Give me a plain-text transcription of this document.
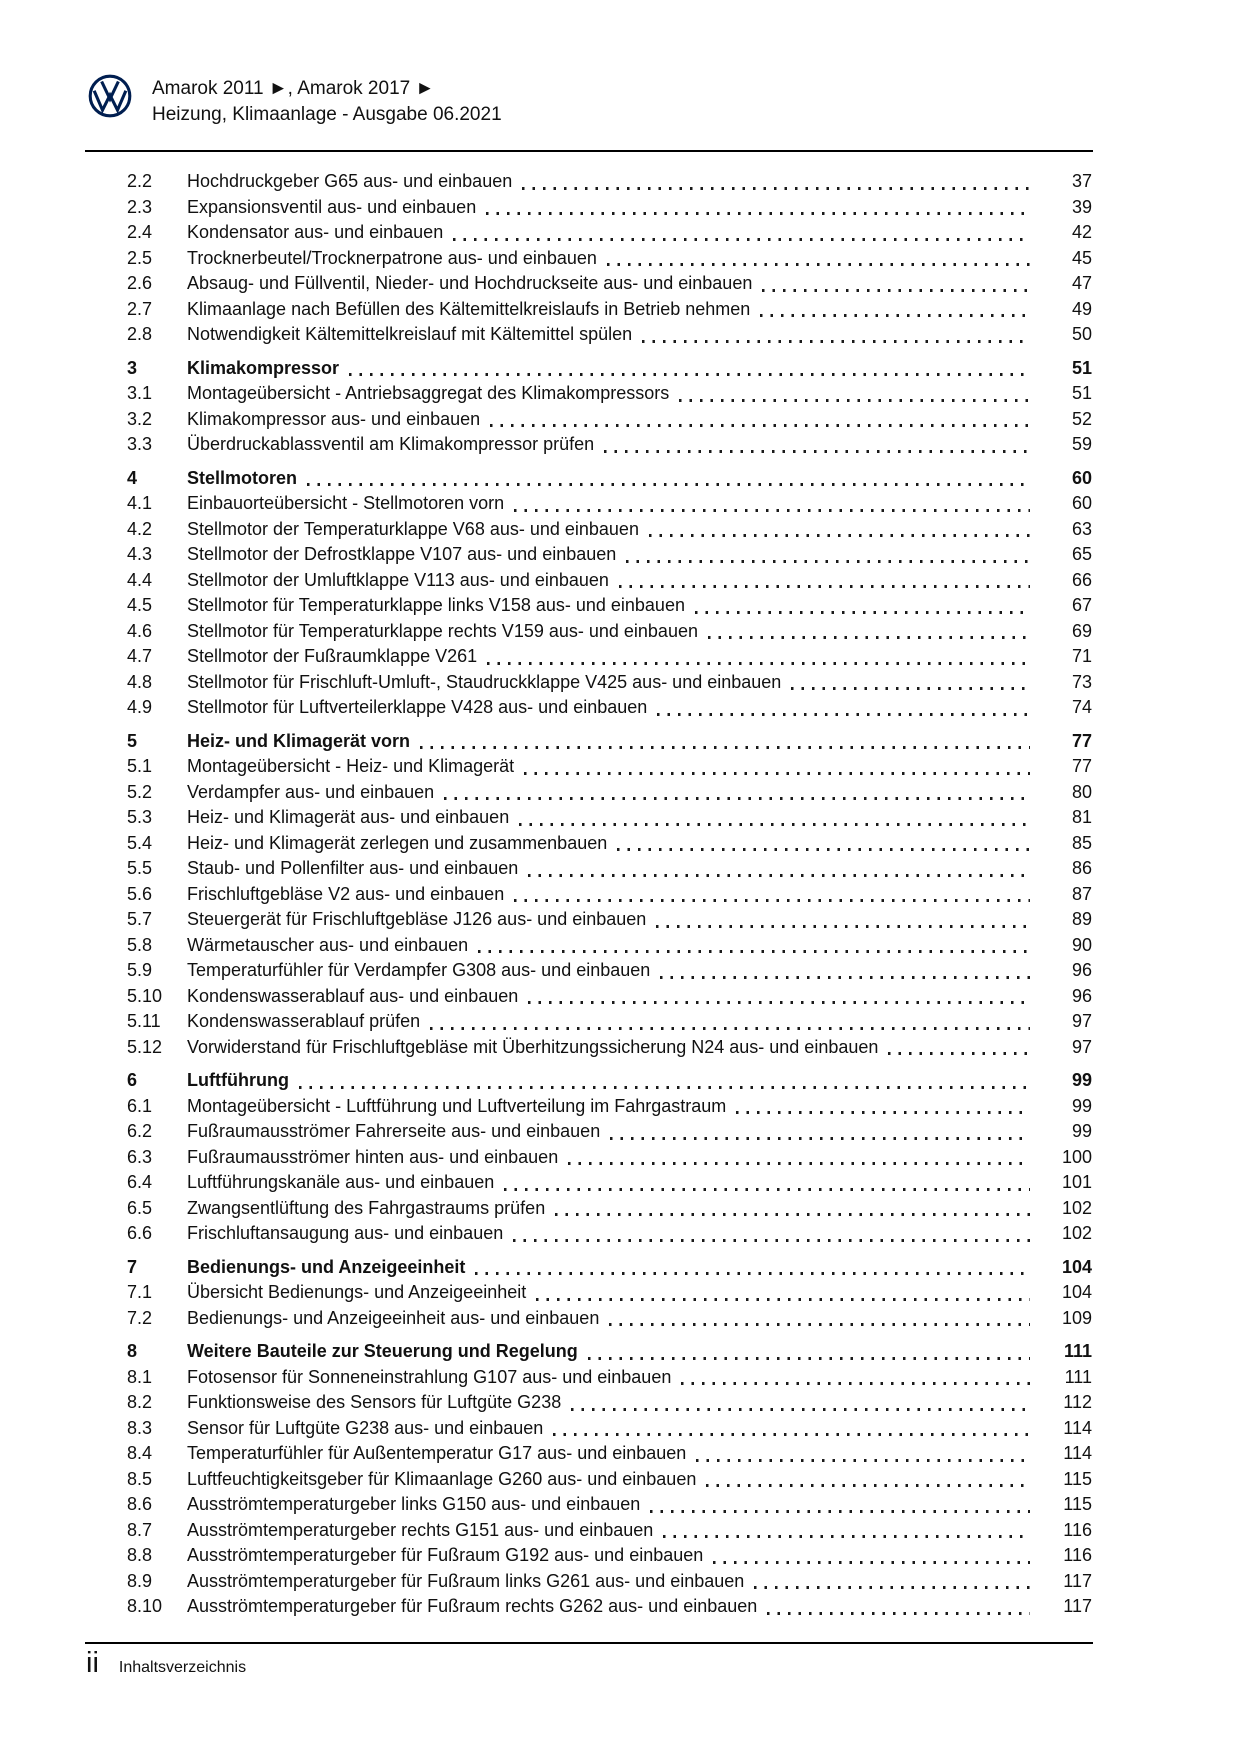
Amarok 2011 ►, Amarok 2017 ►
Heizung, Klimaanlage - Ausgabe 06.2021
2.2	Hochdruckgeber G65 aus- und einbauen	37
2.3	Expansionsventil aus- und einbauen	39
2.4	Kondensator aus- und einbauen	42
2.5	Trocknerbeutel/Trocknerpatrone aus- und einbauen	45
2.6	Absaug- und Füllventil, Nieder- und Hochdruckseite aus- und einbauen	47
2.7	Klimaanlage nach Befüllen des Kältemittelkreislaufs in Betrieb nehmen	49
2.8	Notwendigkeit Kältemittelkreislauf mit Kältemittel spülen	50
3	Klimakompressor	51
3.1	Montageübersicht - Antriebsaggregat des Klimakompressors	51
3.2	Klimakompressor aus- und einbauen	52
3.3	Überdruckablassventil am Klimakompressor prüfen	59
4	Stellmotoren	60
4.1	Einbauorteübersicht - Stellmotoren vorn	60
4.2	Stellmotor der Temperaturklappe V68 aus- und einbauen	63
4.3	Stellmotor der Defrostklappe V107 aus- und einbauen	65
4.4	Stellmotor der Umluftklappe V113 aus- und einbauen	66
4.5	Stellmotor für Temperaturklappe links V158 aus- und einbauen	67
4.6	Stellmotor für Temperaturklappe rechts V159 aus- und einbauen	69
4.7	Stellmotor der Fußraumklappe V261	71
4.8	Stellmotor für Frischluft-Umluft-, Staudruckklappe V425 aus- und einbauen	73
4.9	Stellmotor für Luftverteilerklappe V428 aus- und einbauen	74
5	Heiz- und Klimagerät vorn	77
5.1	Montageübersicht - Heiz- und Klimagerät	77
5.2	Verdampfer aus- und einbauen	80
5.3	Heiz- und Klimagerät aus- und einbauen	81
5.4	Heiz- und Klimagerät zerlegen und zusammenbauen	85
5.5	Staub- und Pollenfilter aus- und einbauen	86
5.6	Frischluftgebläse V2 aus- und einbauen	87
5.7	Steuergerät für Frischluftgebläse J126 aus- und einbauen	89
5.8	Wärmetauscher aus- und einbauen	90
5.9	Temperaturfühler für Verdampfer G308 aus- und einbauen	96
5.10	Kondenswasserablauf aus- und einbauen	96
5.11	Kondenswasserablauf prüfen	97
5.12	Vorwiderstand für Frischluftgebläse mit Überhitzungssicherung N24 aus- und einbauen	97
6	Luftführung	99
6.1	Montageübersicht - Luftführung und Luftverteilung im Fahrgastraum	99
6.2	Fußraumausströmer Fahrerseite aus- und einbauen	99
6.3	Fußraumausströmer hinten aus- und einbauen	100
6.4	Luftführungskanäle aus- und einbauen	101
6.5	Zwangsentlüftung des Fahrgastraums prüfen	102
6.6	Frischluftansaugung aus- und einbauen	102
7	Bedienungs- und Anzeigeeinheit	104
7.1	Übersicht Bedienungs- und Anzeigeeinheit	104
7.2	Bedienungs- und Anzeigeeinheit aus- und einbauen	109
8	Weitere Bauteile zur Steuerung und Regelung	111
8.1	Fotosensor für Sonneneinstrahlung G107 aus- und einbauen	111
8.2	Funktionsweise des Sensors für Luftgüte G238	112
8.3	Sensor für Luftgüte G238 aus- und einbauen	114
8.4	Temperaturfühler für Außentemperatur G17 aus- und einbauen	114
8.5	Luftfeuchtigkeitsgeber für Klimaanlage G260 aus- und einbauen	115
8.6	Ausströmtemperaturgeber links G150 aus- und einbauen	115
8.7	Ausströmtemperaturgeber rechts G151 aus- und einbauen	116
8.8	Ausströmtemperaturgeber für Fußraum G192 aus- und einbauen	116
8.9	Ausströmtemperaturgeber für Fußraum links G261 aus- und einbauen	117
8.10	Ausströmtemperaturgeber für Fußraum rechts G262 aus- und einbauen	117
ii Inhaltsverzeichnis
